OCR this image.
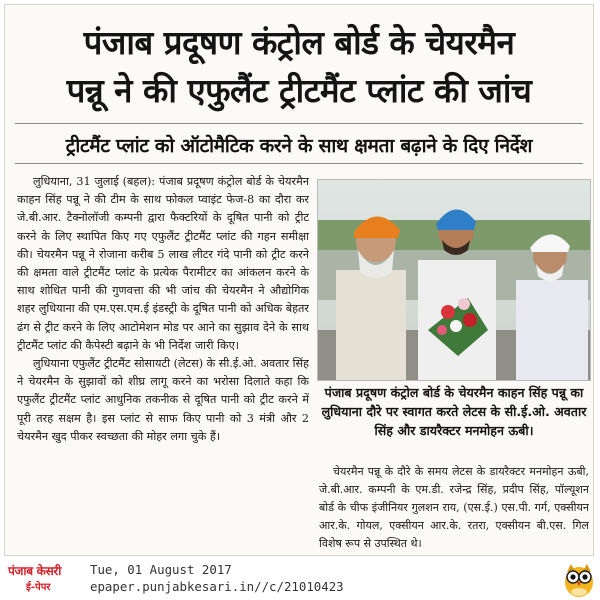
पंजाब प्रदूषण कंट्रोल बोर्ड के चेयरमैन
पन्नू ने की एफुलैंट ट्रीटमैंट प्लांट की जांच
ट्रीटमैंट प्लांट को ऑटोमैटिक करने के साथ क्षमता बढ़ाने के दिए निर्देश

लुधियाना, 31 जुलाई (बहल): पंजाब प्रदूषण कंट्रोल बोर्ड के चेयरमैन काहन सिंह पन्नू ने की टीम के साथ फोकल प्वाइंट फेज-8 का दौरा कर जे.बी.आर. टैक्नोलॉजी कम्पनी द्वारा फैक्टरियों के दूषित पानी को ट्रीट करने के लिए स्थापित किए गए एफुलैंट ट्रीटमैंट प्लांट की गहन समीक्षा की। चेयरमैन पन्नू ने रोजाना करीब 5 लाख लीटर गंदे पानी को ट्रीट करने की क्षमता वाले ट्रीटमैंट प्लांट के प्रत्येक पैरामीटर का आंकलन करने के साथ शोधित पानी की गुणवत्ता की भी जांच की चेयरमैन ने औद्योगिक शहर लुधियाना की एम.एस.एम.ई इंडस्ट्री के दूषित पानी को अधिक बेहतर ढंग से ट्रीट करने के लिए आटोमेशन मोड पर आने का सुझाव देने के साथ ट्रीटमैंट प्लांट की कैपेस्टी बढ़ाने के भी निर्देश जारी किए।

लुधियाना एफुलैंट ट्रीटमैंट सोसायटी (लेटस) के सी.ई.ओ. अवतार सिंह ने चेयरमैन के सुझावों को शीघ्र लागू करने का भरोसा दिलाते कहा कि एफुलैंट ट्रीटमैंट प्लांट आधुनिक तकनीक से दूषित पानी को ट्रीट करने में पूरी तरह सक्षम है। इस प्लांट से साफ किए पानी को 3 मंत्री और 2 चेयरमैन खुद पीकर स्वच्छता की मोहर लगा चुके हैं।

पंजाब प्रदूषण कंट्रोल बोर्ड के चेयरमैन काहन सिंह पन्नू का लुधियाना दौरे पर स्वागत करते लेटस के सी.ई.ओ. अवतार सिंह और डायरैक्टर मनमोहन ऊबी।

चेयरमैन पन्नू के दौरे के समय लेटस के डायरैक्टर मनमोहन ऊबी, जे.बी.आर. कम्पनी के एम.डी. रजेन्द्र सिंह, प्रदीप सिंह, पॉल्यूशन बोर्ड के चीफ इंजीनियर गुलशन राय, (एस.ई.) एस.पी. गर्ग, एक्सीयन आर.के. गोयल, एक्सीयन आर.के. रतरा, एक्सीयन बी.एस. गिल विशेष रूप से उपस्थित थे।

पंजाब केसरी
ई-पेपर
Tue, 01 August 2017
epaper.punjabkesari.in//c/21010423
